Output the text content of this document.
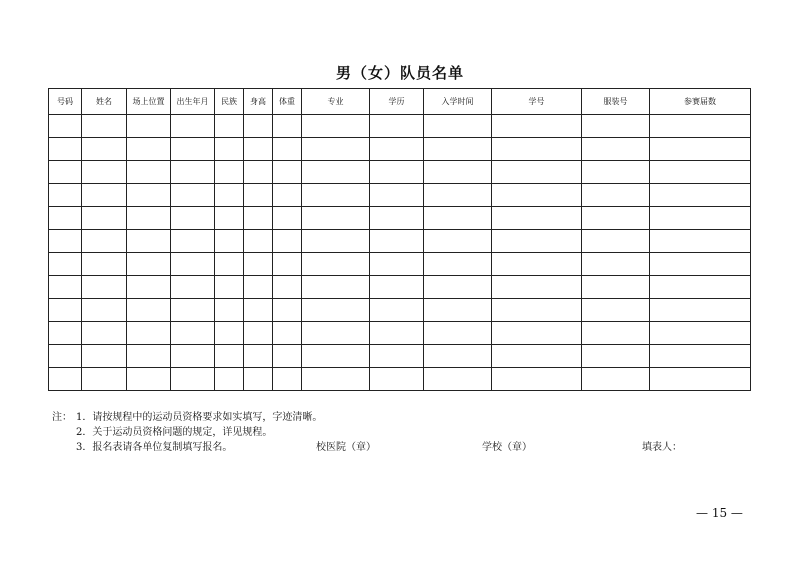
男（女）队员名单
号码	姓名	场上位置	出生年月	民族	身高	体重	专业	学历	入学时间	学号	服装号	参赛届数

注： 1．请按规程中的运动员资格要求如实填写，字迹清晰。
2．关于运动员资格问题的规定，详见规程。
3．报名表请各单位复制填写报名。	校医院（章）	学校（章）	填表人：
— 15 —
